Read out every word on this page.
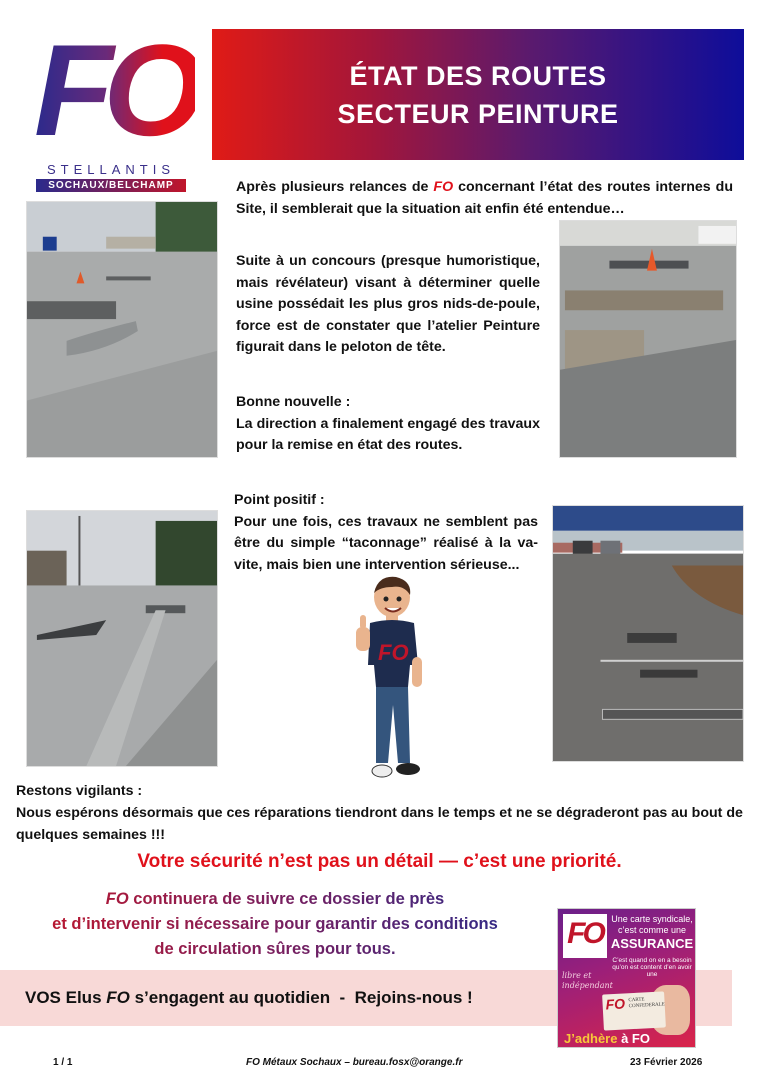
FO
STELLANTIS
SOCHAUX/BELCHAMP
ÉTAT DES ROUTES
SECTEUR PEINTURE

Après plusieurs relances de FO concernant l’état des routes internes du Site, il semblerait que la situation ait enfin été entendue…

Suite à un concours (presque humoristique, mais révélateur) visant à déterminer quelle usine possédait les plus gros nids-de-poule, force est de constater que l’atelier Peinture figurait dans le peloton de tête.

Bonne nouvelle :
La direction a finalement engagé des travaux pour la remise en état des routes.
Point positif :
Pour une fois, ces travaux ne semblent pas être du simple “taconnage” réalisé à la va-vite, mais bien une intervention sérieuse...
FO
Restons vigilants :
Nous espérons désormais que ces réparations tiendront dans le temps et ne se dégraderont pas au bout de quelques semaines !!!
Votre sécurité n’est pas un détail — c’est une priorité.
FO continuera de suivre ce dossier de près
et d’intervenir si nécessaire pour garantir des conditions
de circulation sûres pour tous.
VOS Elus FO s’engagent au quotidien  -  Rejoins-nous !
FO Une carte syndicale, c’est comme une
ASSURANCE
C’est quand on en a besoin qu’on est content d’en avoir une
libre et indépendant
FO CARTE CONFEDERALE
J’adhère à FO
1 / 1	FO Métaux Sochaux – bureau.fosx@orange.fr	23 Février 2026
